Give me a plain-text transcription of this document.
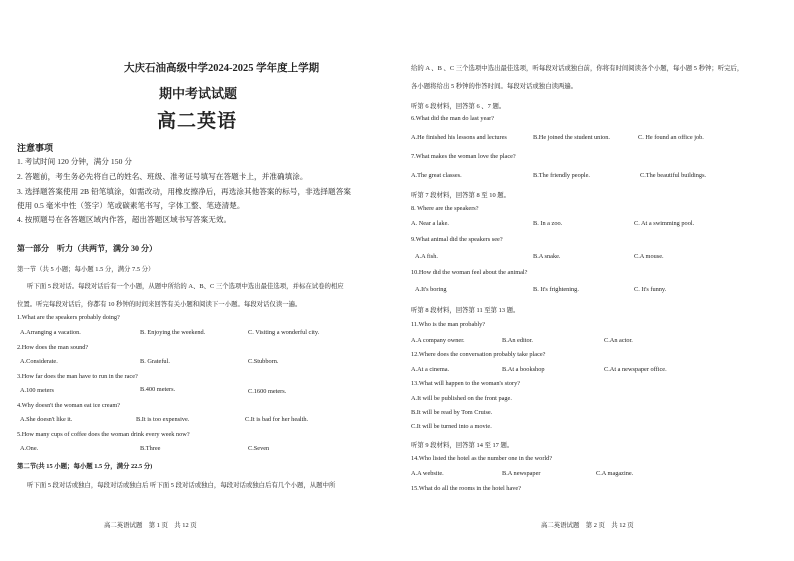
大庆石油高级中学2024-2025 学年度上学期
期中考试试题
高二英语
注意事项
1. 考试时间 120 分钟，满分 150 分
2. 答题前，考生务必先将自己的姓名、班级、准考证号填写在答题卡上，并准确填涂。
3. 选择题答案使用 2B 铅笔填涂，如需改动，用橡皮擦净后，再选涂其他答案的标号，非选择题答案
使用 0.5 毫米中性（签字）笔或碳素笔书写，字体工整、笔迹清楚。
4. 按照题号在各答题区域内作答，超出答题区域书写答案无效。
第一部分　听力（共两节，满分 30 分）
第一节（共 5 小题；每小题 1.5 分，满分 7.5 分）
听下面 5 段对话。每段对话后有一个小题，从题中所给的 A、B、C 三个选项中选出最佳选项，并标在试卷的相应
位置。听完每段对话后，你都有 10 秒钟的时间来回答有关小题和阅读下一小题。每段对话仅读一遍。
1.What are the speakers probably doing?
A.Arranging a vacation.	B. Enjoying the weekend.	C. Visiting a wonderful city.
2.How does the man sound?
A.Considerate.	B. Grateful.	C.Stubborn.
3.How far does the man have to run in the race?
A.100 meters	B.400 meters.	C.1600 meters.
4.Why doesn't the woman eat ice cream?
A.She doesn't like it.	B.It is too expensive.	C.It is bad for her health.
5.How many cups of coffee does the woman drink every week now?
A.One.	B.Three	C.Seven
第二节(共 15 小题；每小题 1.5 分，满分 22.5 分)
听下面 5 段对话或独白，每段对话或独白后 听下面 5 段对话或独白，每段对话或独白后有几个小题，从题中所
高二英语试题　第 1 页　共 12 页
给的 A 、B 、C 三个选项中选出最佳选项，听每段对话或独白前，你将有时间阅读各个小题，每小题 5 秒钟；听完后，
各小题将给出 5 秒钟的作答时间。每段对话或独白读两遍。
听第 6 段材料，回答第 6 、7 题。
6.What did the man do last year?
A.He finished his lessons and lectures	B.He joined the student union.	C. He found an office job.
7.What makes the woman love the place?
A.The great classes.	B.The friendly people.	C.The beautiful buildings.
听第 7 段材料，回答第 8 至 10 题。
8. Where are the speakers?
A. Near a lake.	B. In a zoo.	C. At a swimming pool.
9.What animal did the speakers see?
A.A fish.	B.A snake.	C.A mouse.
10.How did the woman feel about the animal?
A.It's boring	B. It's frightening.	C. It's funny.
听第 8 段材料，回答第 11 至第 13 题。
11.Who is the man probably?
A.A company owner.	B.An editor.	C.An actor.
12.Where does the conversation probably take place?
A.At a cinema.	B.At a bookshop	C.At a newspaper office.
13.What will happen to the woman's story?
A.It will be published on the front page.
B.It will be read by Tom Cruise.
C.It will be turned into a movie.
听第 9 段材料，回答第 14 至 17 题。
14.Who listed the hotel as the number one in the world?
A.A website.	B.A newspaper	C.A magazine.
15.What do all the rooms in the hotel have?
高二英语试题　第 2 页　共 12 页
